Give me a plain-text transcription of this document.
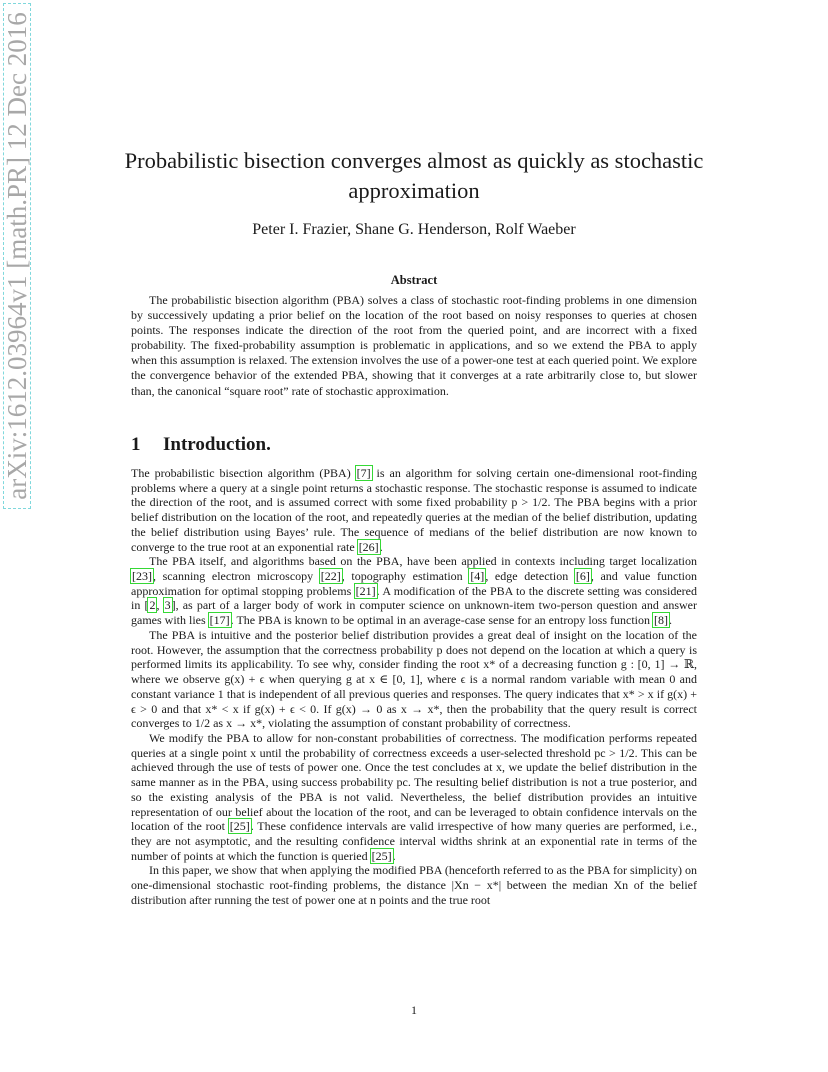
arXiv:1612.03964v1 [math.PR] 12 Dec 2016	Probabilistic bisection converges almost as quickly as stochastic approximation
Peter I. Frazier, Shane G. Henderson, Rolf Waeber
Abstract
The probabilistic bisection algorithm (PBA) solves a class of stochastic root-finding problems in one dimension by successively updating a prior belief on the location of the root based on noisy responses to queries at chosen points. The responses indicate the direction of the root from the queried point, and are incorrect with a fixed probability. The fixed-probability assumption is problematic in applications, and so we extend the PBA to apply when this assumption is relaxed. The extension involves the use of a power-one test at each queried point. We explore the convergence behavior of the extended PBA, showing that it converges at a rate arbitrarily close to, but slower than, the canonical “square root” rate of stochastic approximation.
1 Introduction.

The probabilistic bisection algorithm (PBA) [7] is an algorithm for solving certain one-dimensional root-finding problems where a query at a single point returns a stochastic response. The stochastic response is assumed to indicate the direction of the root, and is assumed correct with some fixed probability p > 1/2. The PBA begins with a prior belief distribution on the location of the root, and repeatedly queries at the median of the belief distribution, updating the belief distribution using Bayes’ rule. The sequence of medians of the belief distribution are now known to converge to the true root at an exponential rate [26].

The PBA itself, and algorithms based on the PBA, have been applied in contexts including target localization [23], scanning electron microscopy [22], topography estimation [4], edge detection [6], and value function approximation for optimal stopping problems [21]. A modification of the PBA to the discrete setting was considered in [2, 3], as part of a larger body of work in computer science on unknown-item two-person question and answer games with lies [17]. The PBA is known to be optimal in an average-case sense for an entropy loss function [8].

The PBA is intuitive and the posterior belief distribution provides a great deal of insight on the location of the root. However, the assumption that the correctness probability p does not depend on the location at which a query is performed limits its applicability. To see why, consider finding the root x* of a decreasing function g : [0, 1] → ℝ, where we observe g(x) + ϵ when querying g at x ∈ [0, 1], where ϵ is a normal random variable with mean 0 and constant variance 1 that is independent of all previous queries and responses. The query indicates that x* > x if g(x) + ϵ > 0 and that x* < x if g(x) + ϵ < 0. If g(x) → 0 as x → x*, then the probability that the query result is correct converges to 1/2 as x → x*, violating the assumption of constant probability of correctness.

We modify the PBA to allow for non-constant probabilities of correctness. The modification performs repeated queries at a single point x until the probability of correctness exceeds a user-selected threshold pc > 1/2. This can be achieved through the use of tests of power one. Once the test concludes at x, we update the belief distribution in the same manner as in the PBA, using success probability pc. The resulting belief distribution is not a true posterior, and so the existing analysis of the PBA is not valid. Nevertheless, the belief distribution provides an intuitive representation of our belief about the location of the root, and can be leveraged to obtain confidence intervals on the location of the root [25]. These confidence intervals are valid irrespective of how many queries are performed, i.e., they are not asymptotic, and the resulting confidence interval widths shrink at an exponential rate in terms of the number of points at which the function is queried [25].

In this paper, we show that when applying the modified PBA (henceforth referred to as the PBA for simplicity) on one-dimensional stochastic root-finding problems, the distance |Xn − x*| between the median Xn of the belief distribution after running the test of power one at n points and the true root

1
